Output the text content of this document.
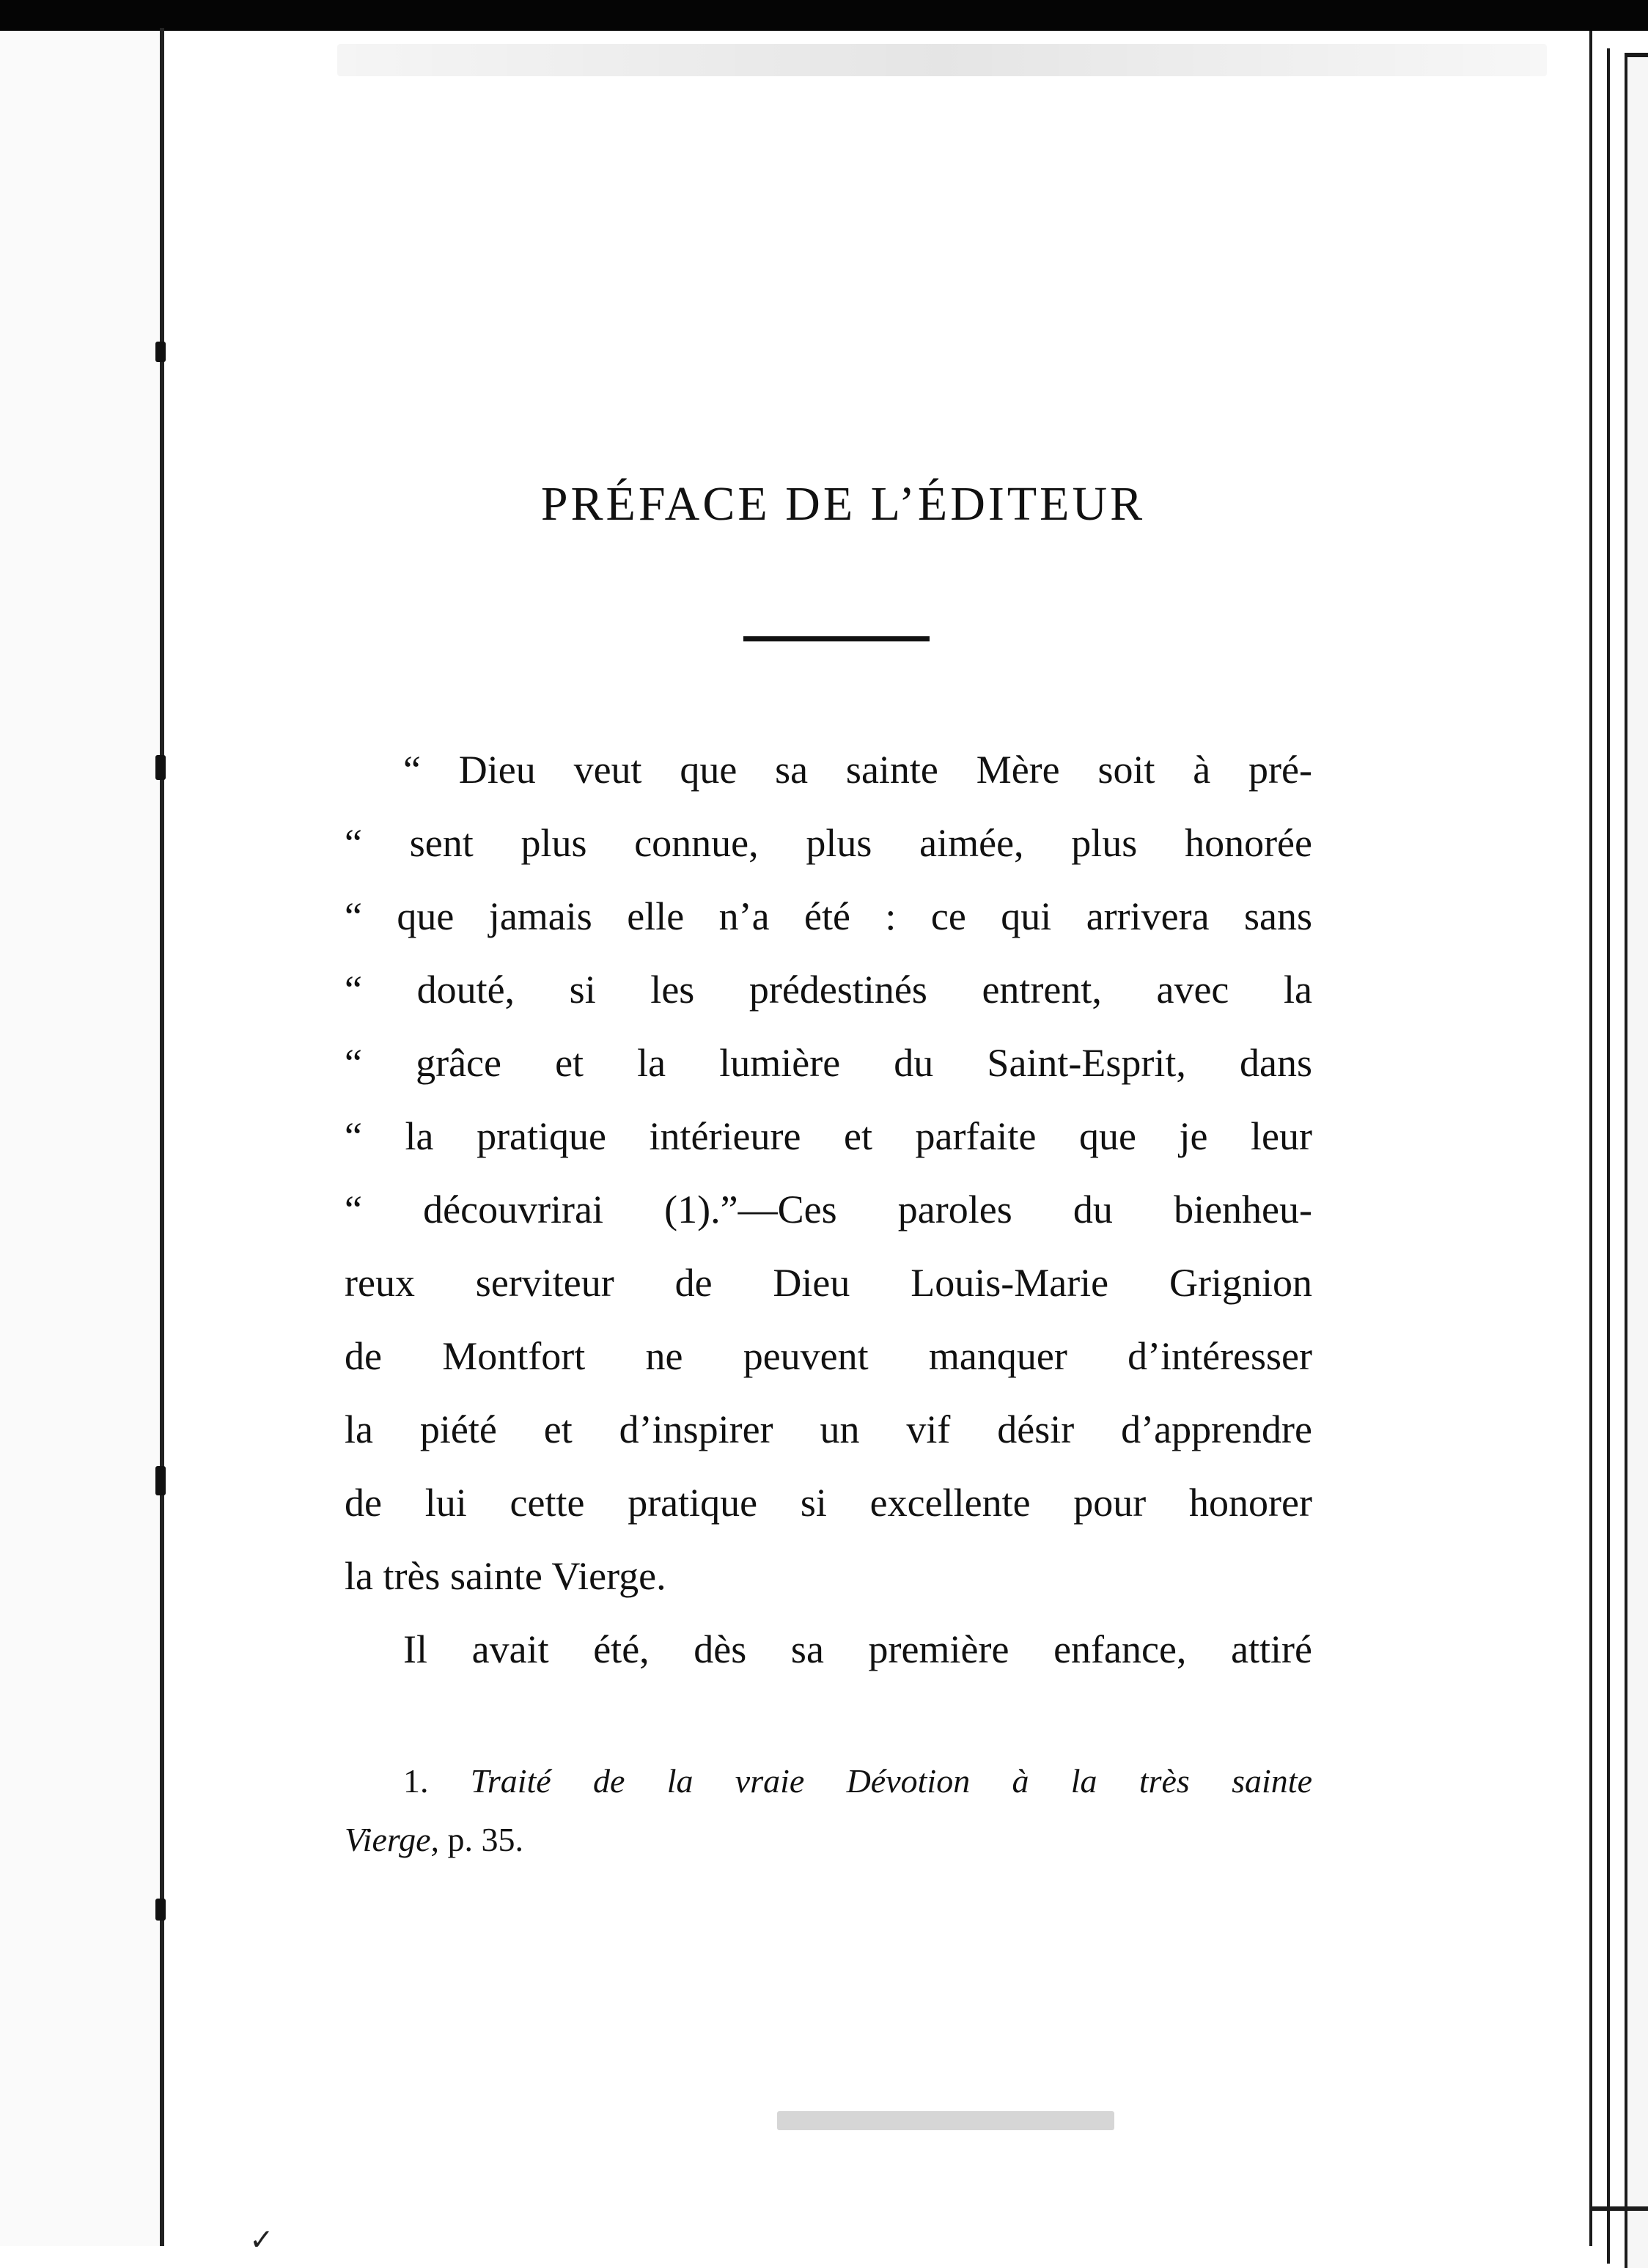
PRÉFACE DE L’ÉDITEUR
“ Dieu veut que sa sainte Mère soit à pré-
“ sent plus connue, plus aimée, plus honorée
“ que jamais elle n’a été : ce qui arrivera sans
“ douté, si les prédestinés entrent, avec la
“ grâce et la lumière du Saint-Esprit, dans
“ la pratique intérieure et parfaite que je leur
“ découvrirai (1).”—Ces paroles du bienheu-
reux serviteur de Dieu Louis-Marie Grignion
de Montfort ne peuvent manquer d’intéresser
la piété et d’inspirer un vif désir d’apprendre
de lui cette pratique si excellente pour honorer
la très sainte Vierge.
Il avait été, dès sa première enfance, attiré
1. Traité de la vraie Dévotion à la très sainte
Vierge, p. 35.
✓
